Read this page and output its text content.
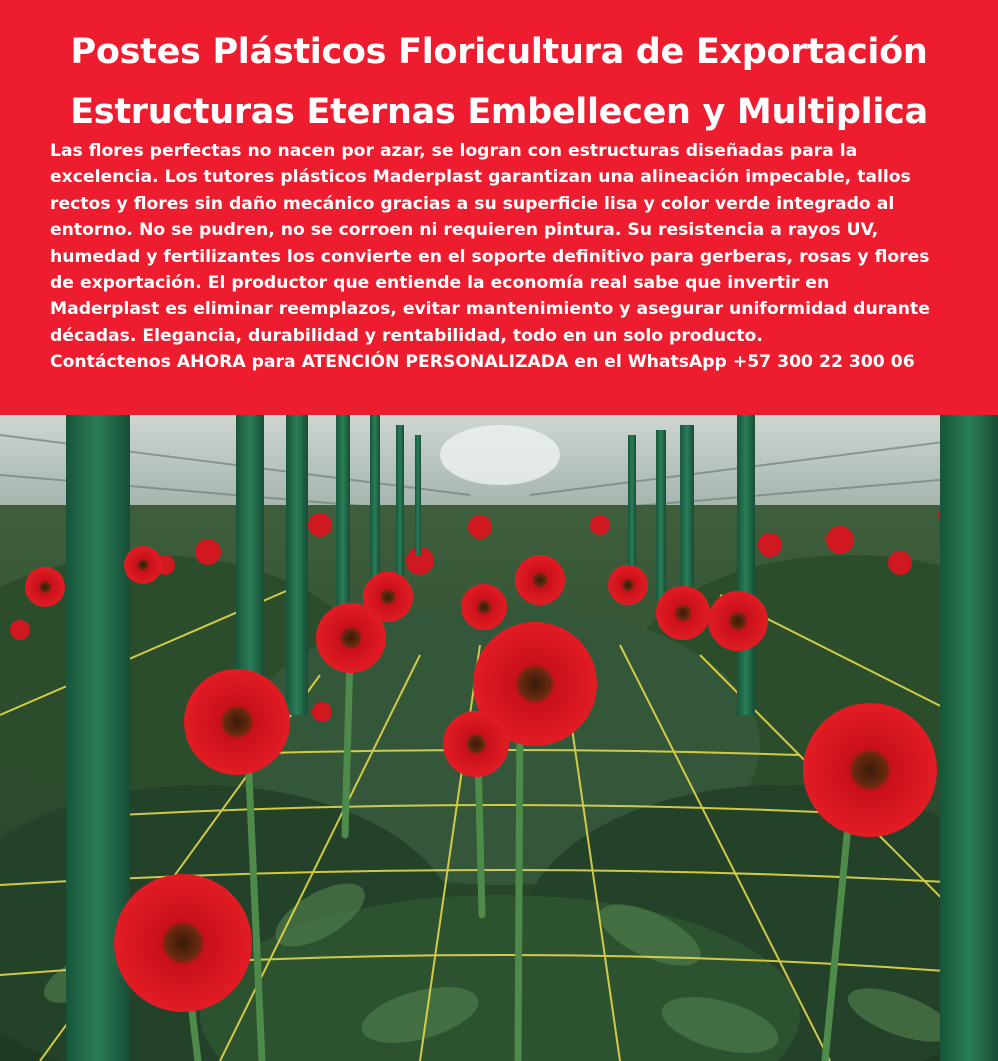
Postes Plásticos Floricultura de Exportación
Estructuras Eternas Embellecen y Multiplica

Las flores perfectas no nacen por azar, se logran con estructuras diseñadas para la

excelencia. Los tutores plásticos Maderplast garantizan una alineación impecable, tallos

rectos y flores sin daño mecánico gracias a su superficie lisa y color verde integrado al

entorno. No se pudren, no se corroen ni requieren pintura. Su resistencia a rayos UV,

humedad y fertilizantes los convierte en el soporte definitivo para gerberas, rosas y flores

de exportación. El productor que entiende la economía real sabe que invertir en

Maderplast es eliminar reemplazos, evitar mantenimiento y asegurar uniformidad durante

décadas. Elegancia, durabilidad y rentabilidad, todo en un solo producto.

Contáctenos AHORA para ATENCIÓN PERSONALIZADA en el WhatsApp +57 300 22 300 06
